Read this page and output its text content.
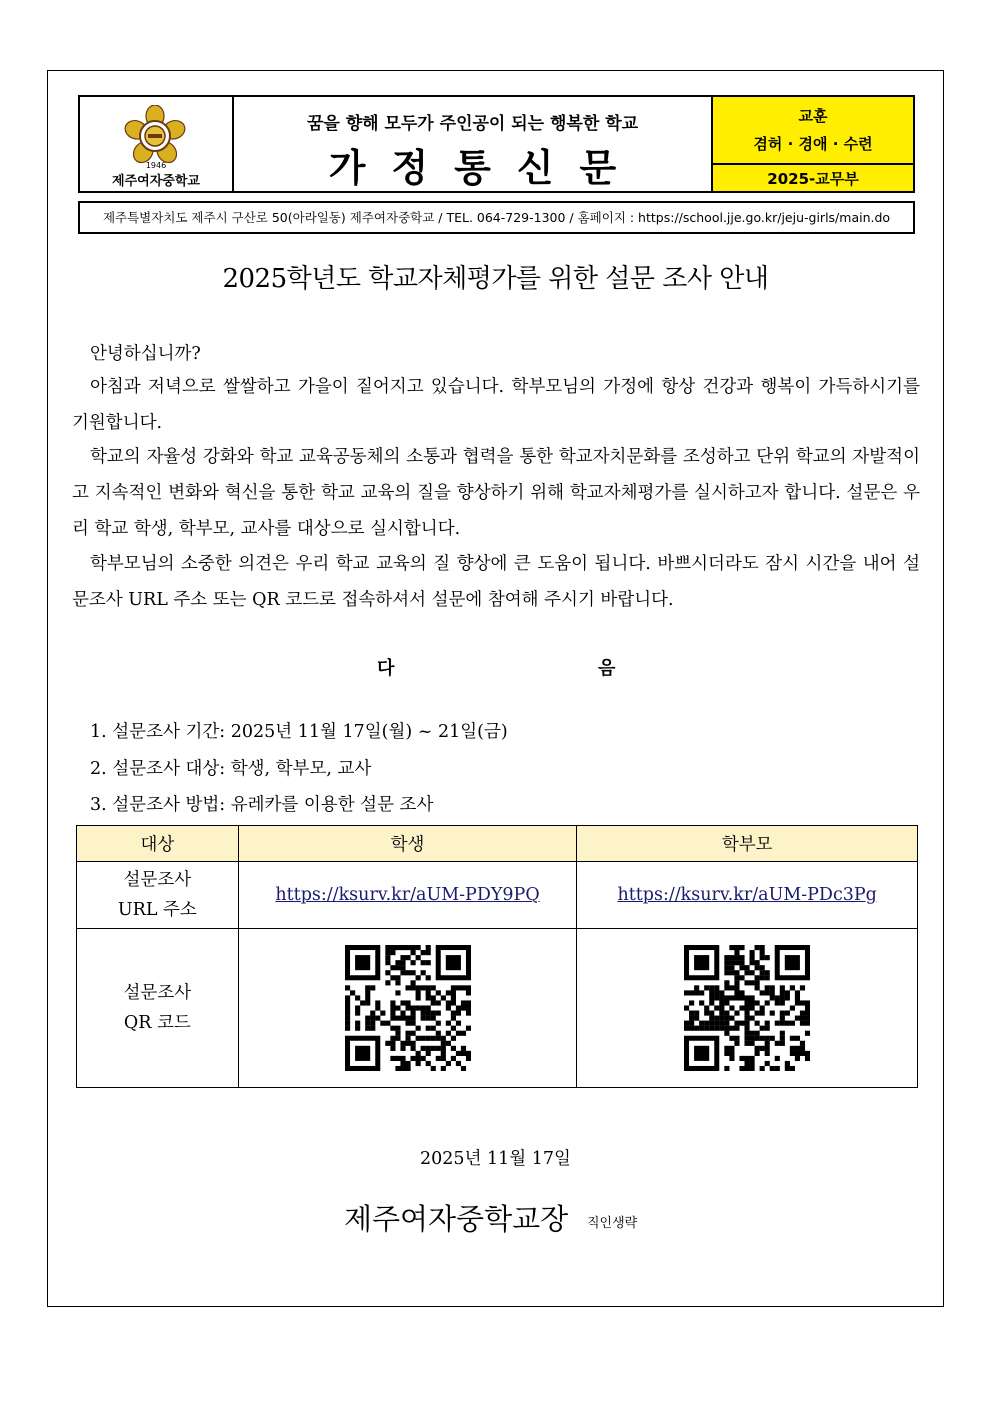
1946
제주여자중학교
꿈을 향해 모두가 주인공이 되는 행복한 학교
가정통신문
교훈
겸허 · 경애 · 수련
2025-교무부
제주특별자치도 제주시 구산로 50(아라일동) 제주여자중학교 / TEL. 064-729-1300 / 홈페이지 : https://school.jje.go.kr/jeju-girls/main.do
2025학년도 학교자체평가를 위한 설문 조사 안내
안녕하십니까?
아침과 저녁으로 쌀쌀하고 가을이 짙어지고 있습니다. 학부모님의 가정에 항상 건강과 행복이 가득하시기를 기원합니다.
학교의 자율성 강화와 학교 교육공동체의 소통과 협력을 통한 학교자치문화를 조성하고 단위 학교의 자발적이고 지속적인 변화와 혁신을 통한 학교 교육의 질을 향상하기 위해 학교자체평가를 실시하고자 합니다. 설문은 우리 학교 학생, 학부모, 교사를 대상으로 실시합니다.
학부모님의 소중한 의견은 우리 학교 교육의 질 향상에 큰 도움이 됩니다. 바쁘시더라도 잠시 시간을 내어 설문조사 URL 주소 또는 QR 코드로 접속하셔서 설문에 참여해 주시기 바랍니다.
다	음
1. 설문조사 기간: 2025년 11월 17일(월) ~ 21일(금)
2. 설문조사 대상: 학생, 학부모, 교사
3. 설문조사 방법: 유레카를 이용한 설문 조사
대상	학생	학부모
설문조사
URL 주소	https://ksurv.kr/aUM-PDY9PQ	https://ksurv.kr/aUM-PDc3Pg
설문조사
QR 코드	

2025년 11월 17일
제주여자중학교장 직인생략
